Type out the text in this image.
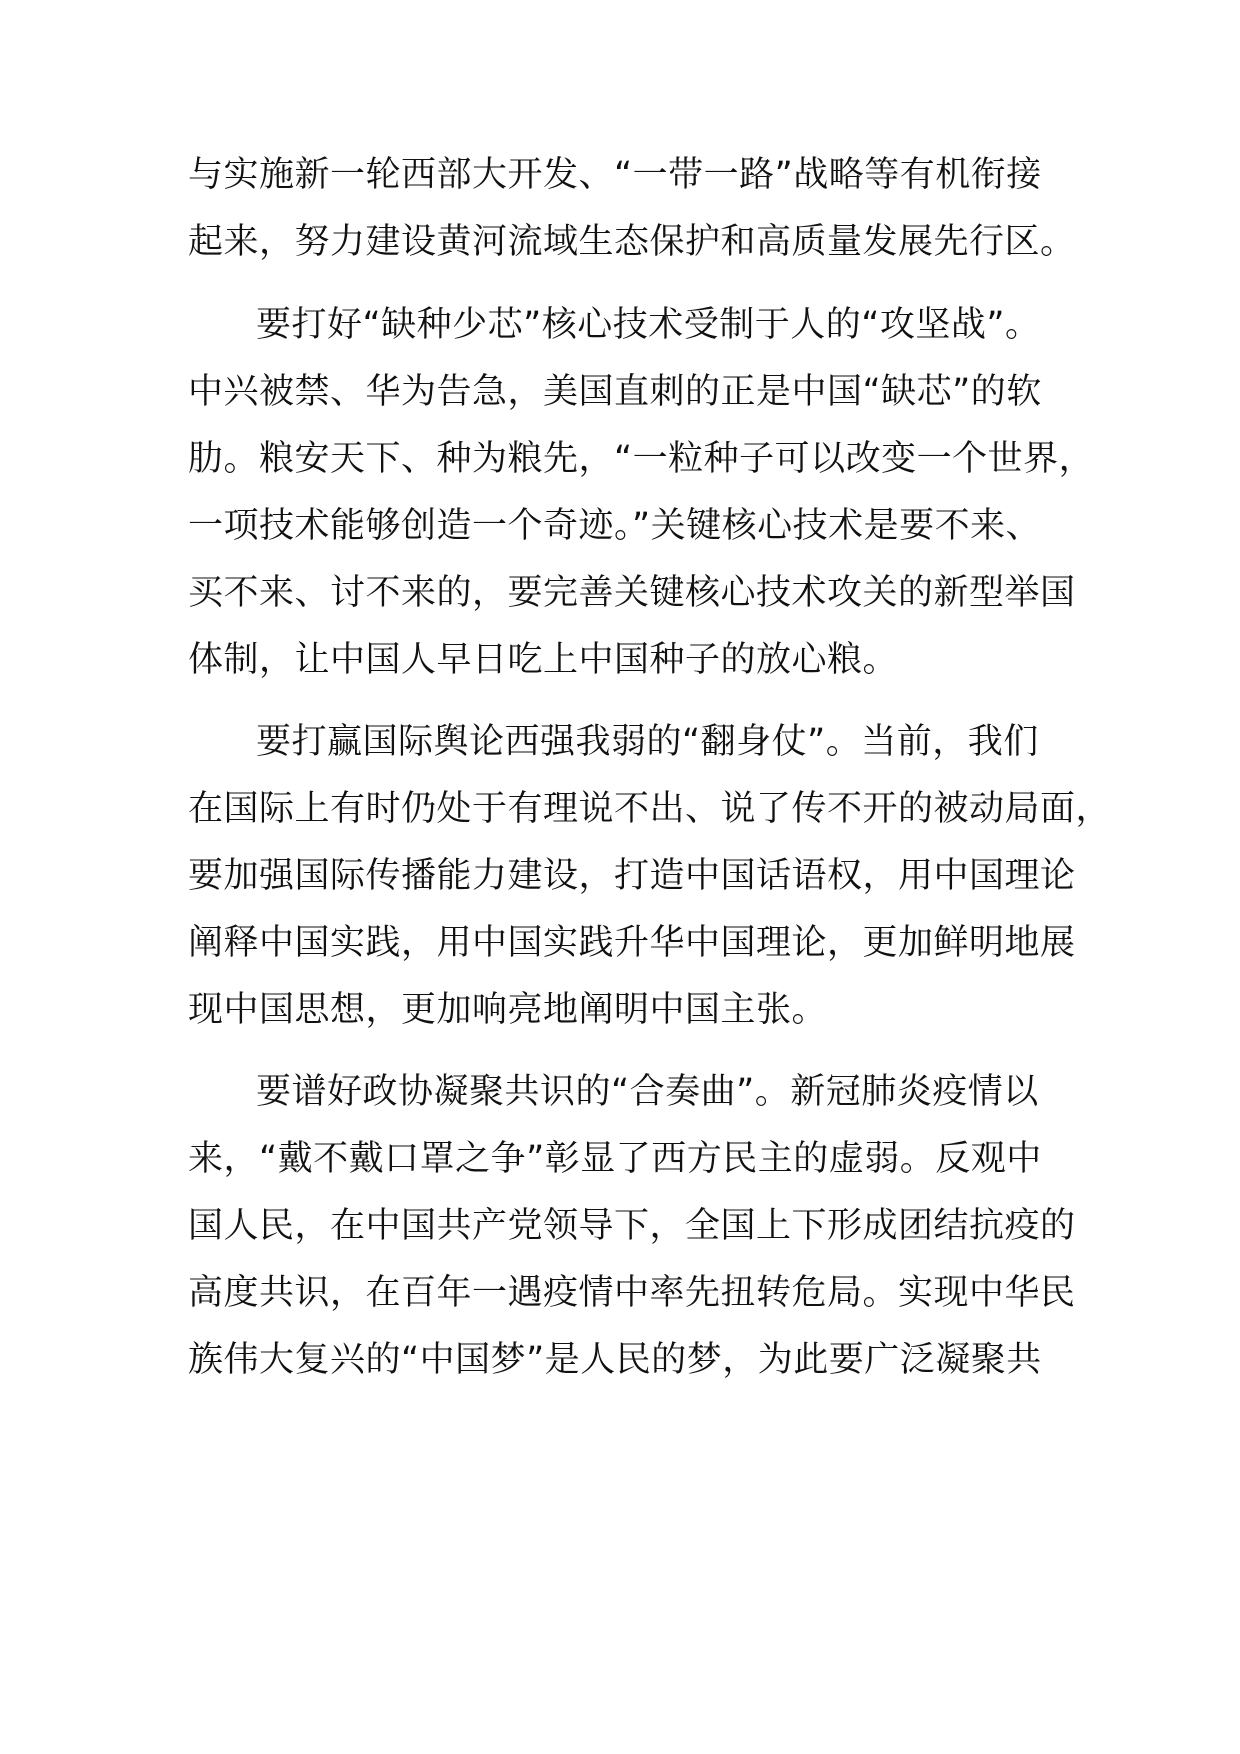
与实施新一轮西部大开发、“一带一路”战略等有机衔接

起来，努力建设黄河流域生态保护和高质量发展先行区。

要打好“缺种少芯”核心技术受制于人的“攻坚战”。

中兴被禁、华为告急，美国直刺的正是中国“缺芯”的软

肋。粮安天下、种为粮先，“一粒种子可以改变一个世界，

一项技术能够创造一个奇迹。”关键核心技术是要不来、

买不来、讨不来的，要完善关键核心技术攻关的新型举国

体制，让中国人早日吃上中国种子的放心粮。

要打赢国际舆论西强我弱的“翻身仗”。当前，我们

在国际上有时仍处于有理说不出、说了传不开的被动局面，

要加强国际传播能力建设，打造中国话语权，用中国理论

阐释中国实践，用中国实践升华中国理论，更加鲜明地展

现中国思想，更加响亮地阐明中国主张。

要谱好政协凝聚共识的“合奏曲”。新冠肺炎疫情以

来，“戴不戴口罩之争”彰显了西方民主的虚弱。反观中

国人民，在中国共产党领导下，全国上下形成团结抗疫的

高度共识，在百年一遇疫情中率先扭转危局。实现中华民

族伟大复兴的“中国梦”是人民的梦，为此要广泛凝聚共
